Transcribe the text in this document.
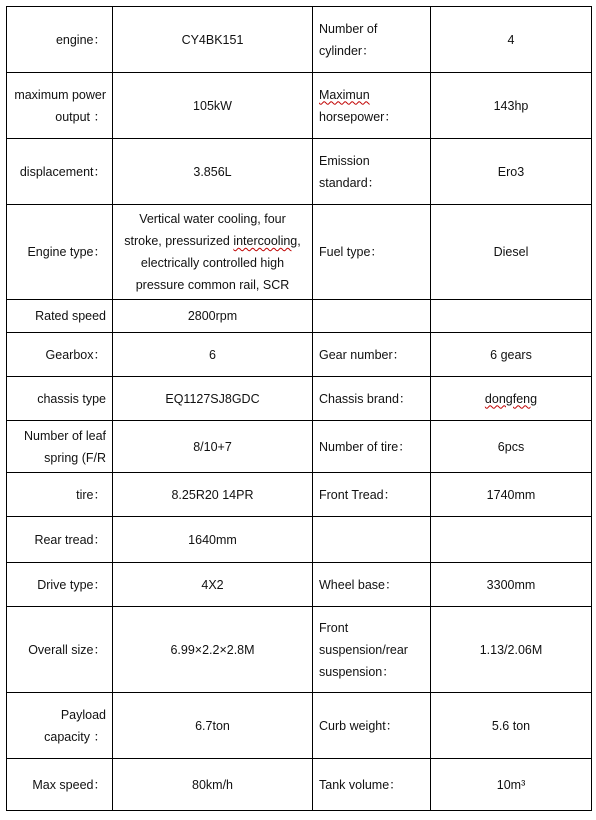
engine：	CY4BK151	Number of cylinder：	4
maximum power output ：	105kW	Maximun horsepower：	143hp
displacement：	3.856L	Emission standard：	Ero3
Engine type：	Vertical water cooling, four stroke, pressurized intercooling, electrically controlled high pressure common rail, SCR	Fuel type：	Diesel
Rated speed	2800rpm		
Gearbox：	6	Gear number：	6 gears
chassis type	EQ1127SJ8GDC	Chassis brand：	dongfeng
Number of leaf spring (F/R	8/10+7	Number of tire：	6pcs
tire：	8.25R20 14PR	Front Tread：	1740mm
Rear tread：	1640mm		
Drive type：	4X2	Wheel base：	3300mm
Overall size：	6.99×2.2×2.8M	Front suspension/rear suspension：	1.13/2.06M
Payload capacity ：	6.7ton	Curb weight：	5.6 ton
Max speed：	80km/h	Tank volume：	10m³
